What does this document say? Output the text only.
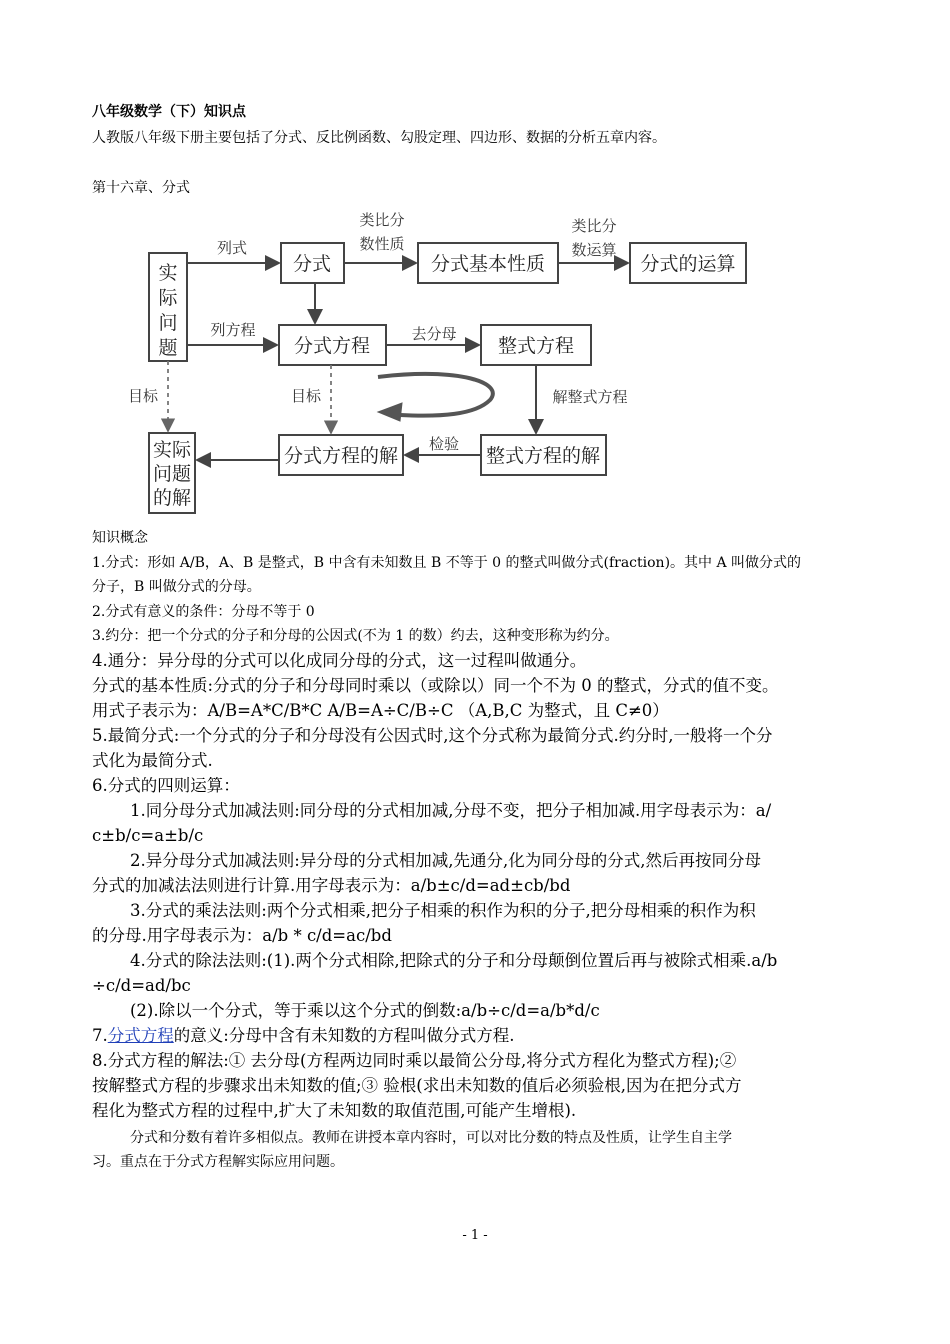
八年级数学（下）知识点
人教版八年级下册主要包括了分式、反比例函数、勾股定理、四边形、数据的分析五章内容。
第十六章、分式
实
际
问
题
分式	分式基本性质	分式的运算
分式方程	整式方程
分式方程的解	整式方程的解
实际
问题
的解
列式
类比分
数性质
类比分
数运算
列方程	去分母
解整式方程
检验
目标	目标
知识概念
1.分式：形如 A/B，A、B 是整式，B 中含有未知数且 B 不等于 0 的整式叫做分式(fraction)。其中 A 叫做分式的
分子，B 叫做分式的分母。
2.分式有意义的条件：分母不等于 0
3.约分：把一个分式的分子和分母的公因式(不为 1 的数）约去，这种变形称为约分。
4.通分：异分母的分式可以化成同分母的分式，这一过程叫做通分。
分式的基本性质:分式的分子和分母同时乘以（或除以）同一个不为 0 的整式，分式的值不变。
用式子表示为：A/B=A*C/B*C A/B=A÷C/B÷C （A,B,C 为整式，且 C≠0）
5.最简分式:一个分式的分子和分母没有公因式时,这个分式称为最简分式.约分时,一般将一个分
式化为最简分式.
6.分式的四则运算：
1.同分母分式加减法则:同分母的分式相加减,分母不变，把分子相加减.用字母表示为：a/
c±b/c=a±b/c
2.异分母分式加减法则:异分母的分式相加减,先通分,化为同分母的分式,然后再按同分母
分式的加减法法则进行计算.用字母表示为：a/b±c/d=ad±cb/bd
3.分式的乘法法则:两个分式相乘,把分子相乘的积作为积的分子,把分母相乘的积作为积
的分母.用字母表示为：a/b * c/d=ac/bd
4.分式的除法法则:(1).两个分式相除,把除式的分子和分母颠倒位置后再与被除式相乘.a/b
÷c/d=ad/bc
(2).除以一个分式，等于乘以这个分式的倒数:a/b÷c/d=a/b*d/c
7.分式方程的意义:分母中含有未知数的方程叫做分式方程.
8.分式方程的解法:① 去分母(方程两边同时乘以最简公分母,将分式方程化为整式方程);②
按解整式方程的步骤求出未知数的值;③ 验根(求出未知数的值后必须验根,因为在把分式方
程化为整式方程的过程中,扩大了未知数的取值范围,可能产生增根).
分式和分数有着许多相似点。教师在讲授本章内容时，可以对比分数的特点及性质，让学生自主学
习。重点在于分式方程解实际应用问题。
- 1 -
